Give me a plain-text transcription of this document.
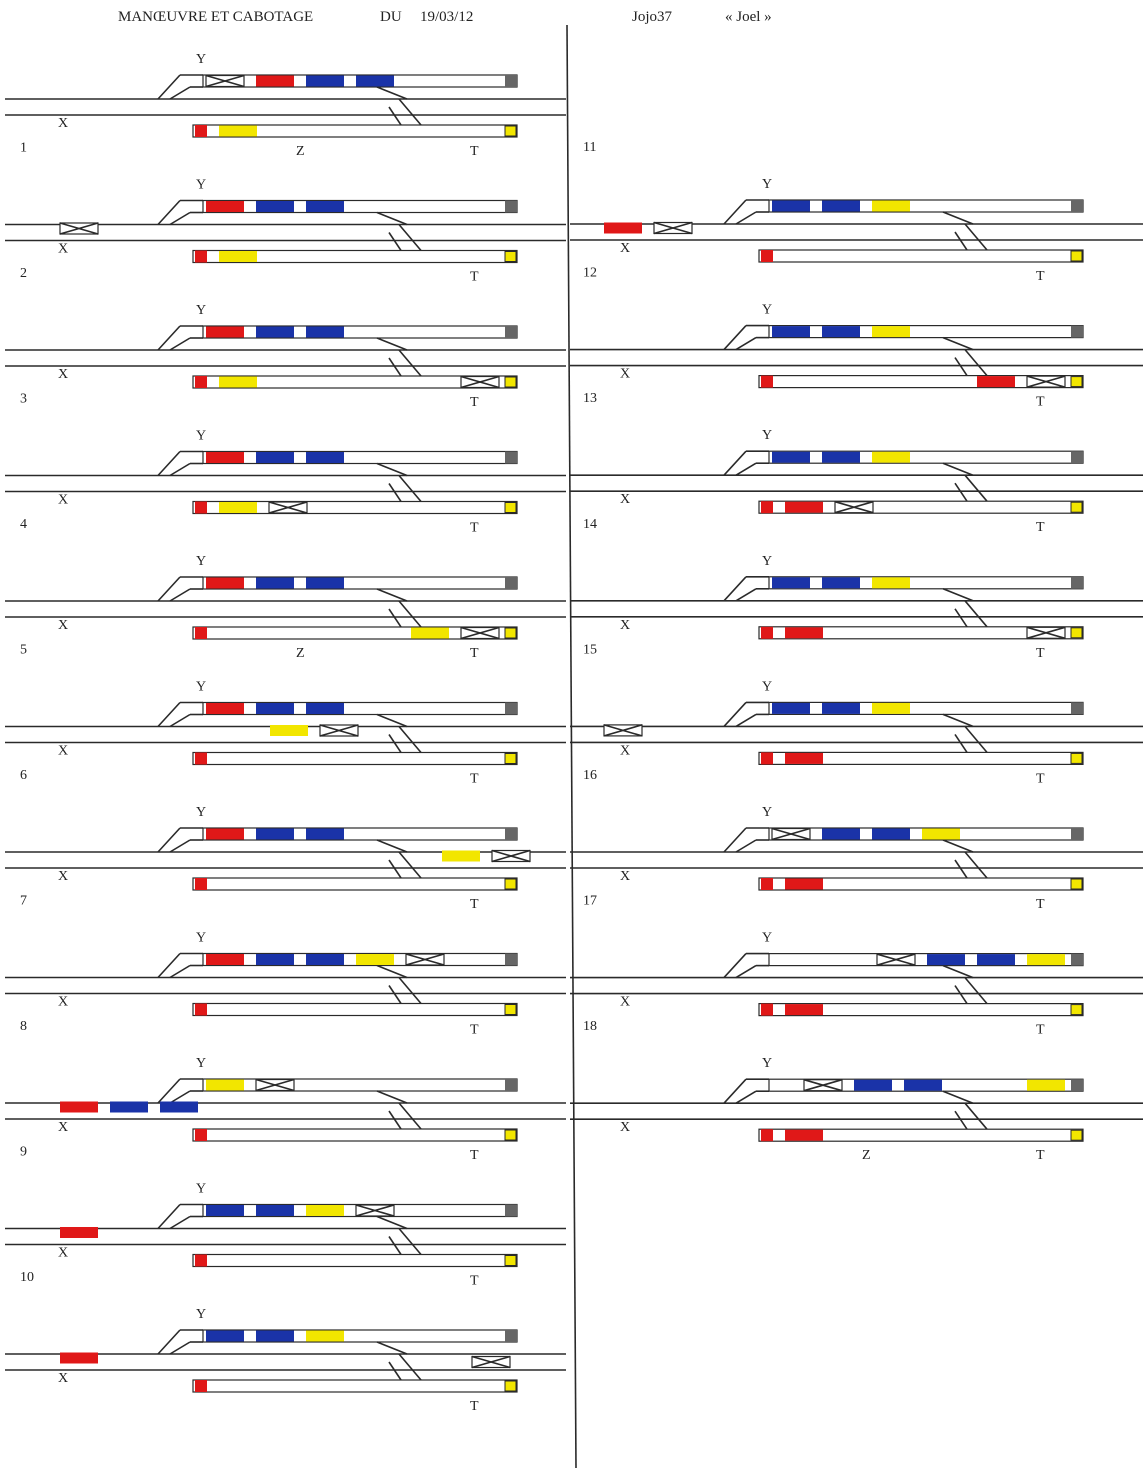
MANŒUVRE ET CABOTAGE	DU 19/03/12	Jojo37	« Joel »
Y
X
T
Z
1
Y
X
T
2
Y
X
T
3
Y
X
T
4
Y
X
T
Z
5
Y
X
T
6
Y
X
T
7
Y
X
T
8
Y
X
T
9
Y
X
T
10
Y
X
T
11
Y
X
T
12
Y
X
T
13
Y
X
T
14
Y
X
T
15
Y
X
T
16
Y
X
T
17
Y
X
T
18
Y
X
T
Z
